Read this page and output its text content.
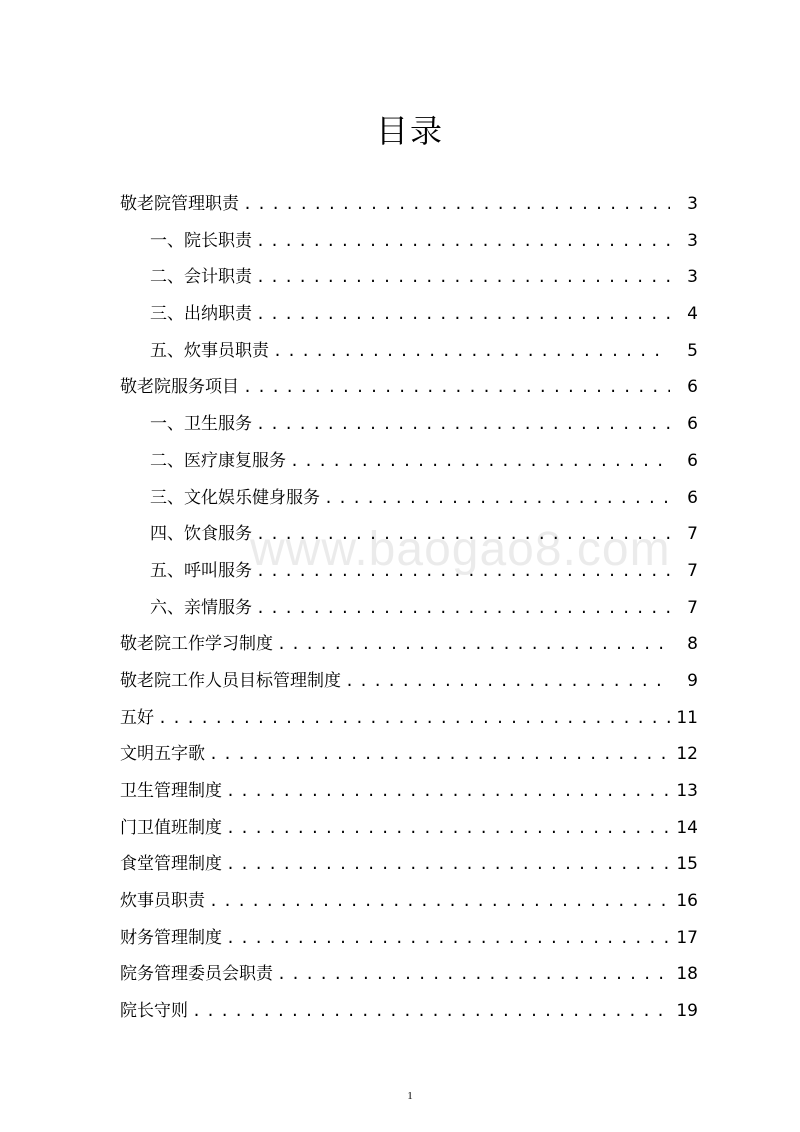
目录
敬老院管理职责 . . .	3
一、院长职责 . . .	3
二、会计职责 . . .	3
三、出纳职责 . . .	4
五、炊事员职责 . . .	5
敬老院服务项目 . . .	6
一、卫生服务 . . .	6
二、医疗康复服务 . . .	6
三、文化娱乐健身服务 . . .	6
四、饮食服务 . . .	7
五、呼叫服务 . . .	7
六、亲情服务 . . .	7
敬老院工作学习制度 . . .	8
敬老院工作人员目标管理制度 . . .	9
五好 . . .	11
文明五字歌 . . .	12
卫生管理制度 . . .	13
门卫值班制度 . . .	14
食堂管理制度 . . .	15
炊事员职责 . . .	16
财务管理制度 . . .	17
院务管理委员会职责 . . .	18
院长守则 . . .	19
www.baogao8.com
1
